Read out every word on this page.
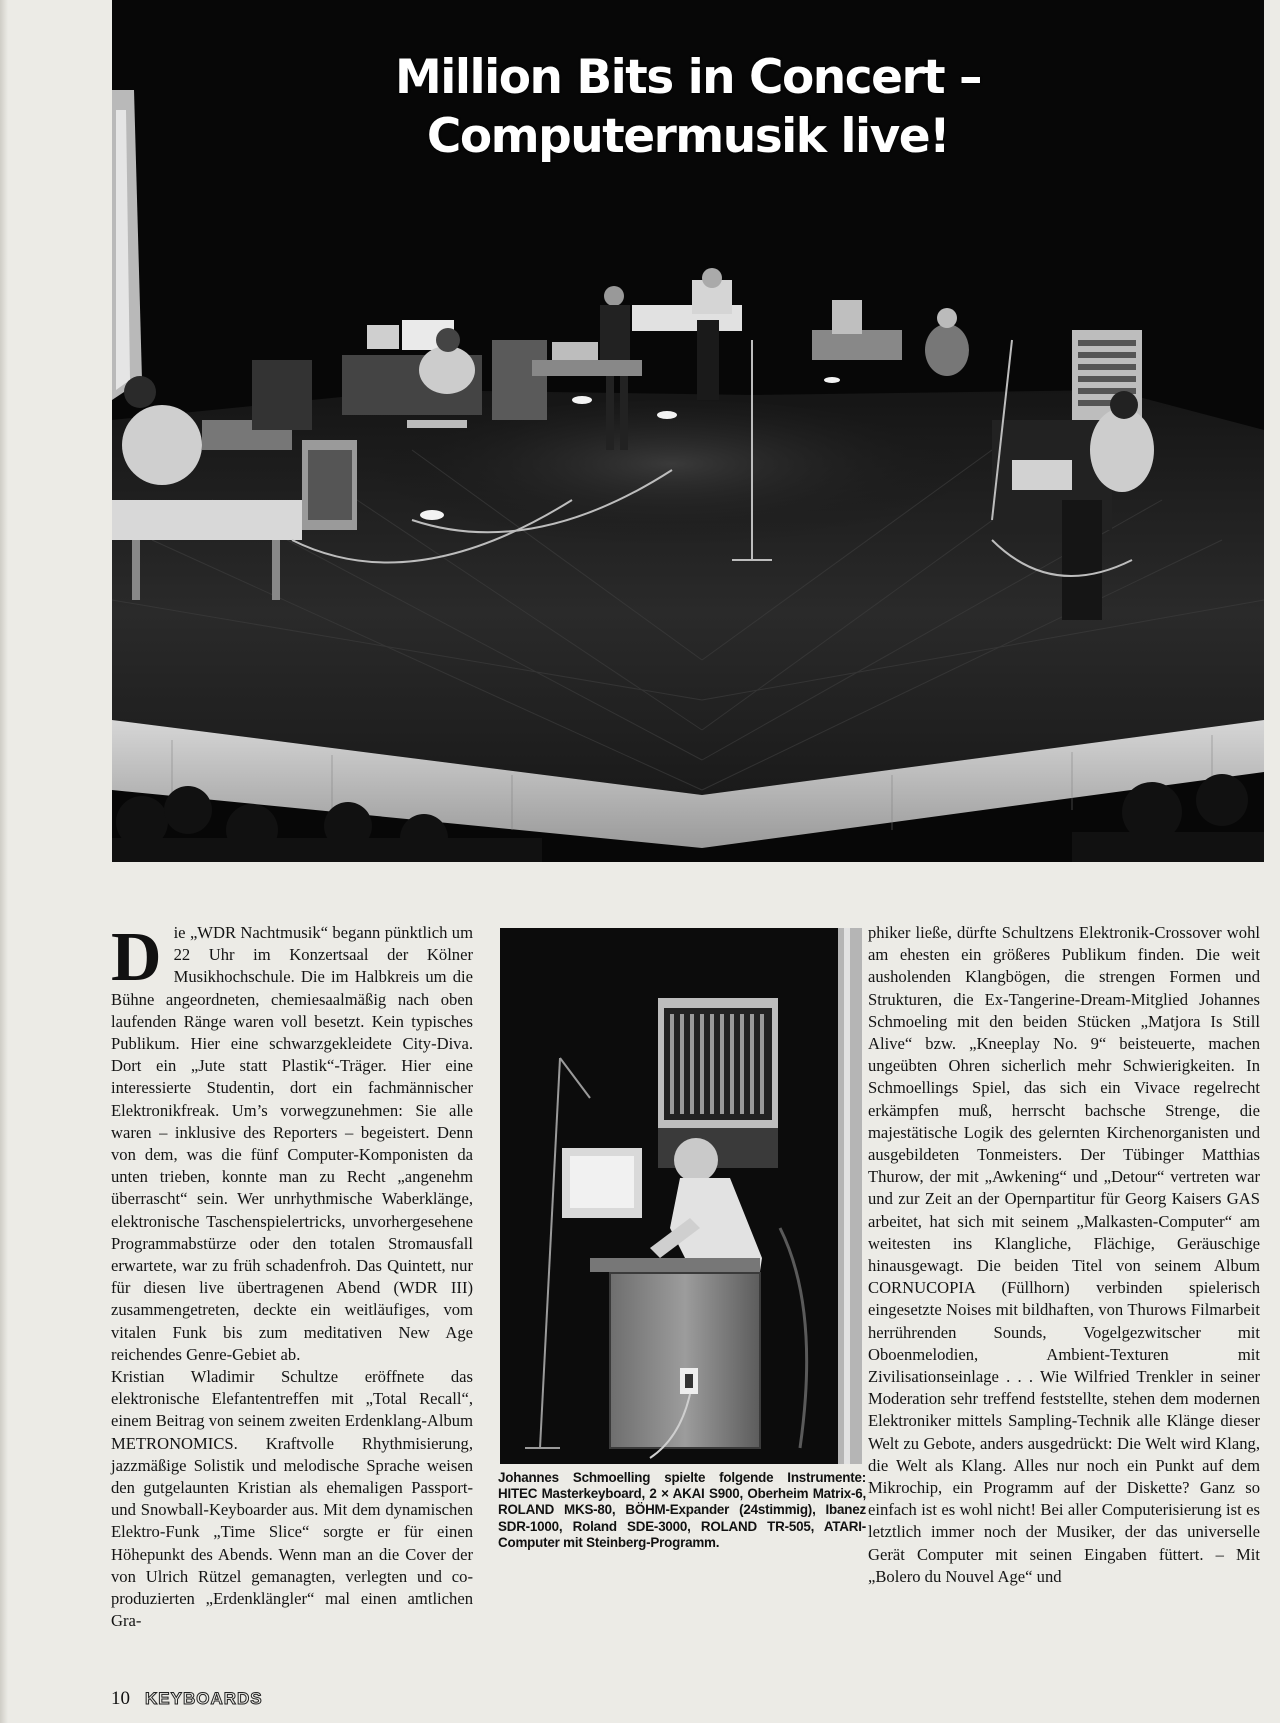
Million Bits in Concert –
Computermusik live!
D ie „WDR Nachtmusik“ begann pünktlich um 22 Uhr im Konzertsaal der Kölner Musikhochschule. Die im Halbkreis um die Bühne angeordneten, chemiesaalmäßig nach oben laufenden Ränge waren voll besetzt. Kein typisches Publikum. Hier eine schwarzgekleidete City-Diva. Dort ein „Jute statt Plastik“-Träger. Hier eine interessierte Studentin, dort ein fachmännischer Elektronikfreak. Um’s vorwegzunehmen: Sie alle waren – inklusive des Reporters – begeistert. Denn von dem, was die fünf Computer-Komponisten da unten trieben, konnte man zu Recht „angenehm überrascht“ sein. Wer unrhythmische Waberklänge, elektronische Taschenspielertricks, unvorhergesehene Programmabstürze oder den totalen Stromausfall erwartete, war zu früh schadenfroh. Das Quintett, nur für diesen live übertragenen Abend (WDR III) zusammengetreten, deckte ein weitläufiges, vom vitalen Funk bis zum meditativen New Age reichendes Genre-Gebiet ab.

Kristian Wladimir Schultze eröffnete das elektronische Elefantentreffen mit „Total Recall“, einem Beitrag von seinem zweiten Erdenklang-Album METRONOMICS. Kraftvolle Rhythmisierung, jazzmäßige Solistik und melodische Sprache weisen den gutgelaunten Kristian als ehemaligen Passport- und Snowball-Keyboarder aus. Mit dem dynamischen Elektro-Funk „Time Slice“ sorgte er für einen Höhepunkt des Abends. Wenn man an die Cover der von Ulrich Rützel gemanagten, verlegten und co-produzierten „Erdenklängler“ mal einen amtlichen Gra-

Johannes Schmoelling spielte folgende Instrumente: HITEC Masterkeyboard, 2 × AKAI S900, Oberheim Matrix-6, ROLAND MKS-80, BÖHM-Expander (24stimmig), Ibanez SDR-1000, Roland SDE-3000, ROLAND TR-505, ATARI-Computer mit Steinberg-Programm.

phiker ließe, dürfte Schultzens Elektronik-Crossover wohl am ehesten ein größeres Publikum finden. Die weit ausholenden Klangbögen, die strengen Formen und Strukturen, die Ex-Tangerine-Dream-Mitglied Johannes Schmoeling mit den beiden Stücken „Matjora Is Still Alive“ bzw. „Kneeplay No. 9“ beisteuerte, machen ungeübten Ohren sicherlich mehr Schwierigkeiten. In Schmoellings Spiel, das sich ein Vivace regelrecht erkämpfen muß, herrscht bachsche Strenge, die majestätische Logik des gelernten Kirchenorganisten und ausgebildeten Tonmeisters. Der Tübinger Matthias Thurow, der mit „Awkening“ und „Detour“ vertreten war und zur Zeit an der Opernpartitur für Georg Kaisers GAS arbeitet, hat sich mit seinem „Malkasten-Computer“ am weitesten ins Klangliche, Flächige, Geräuschige hinausgewagt. Die beiden Titel von seinem Album CORNUCOPIA (Füllhorn) verbinden spielerisch eingesetzte Noises mit bildhaften, von Thurows Filmarbeit herrührenden Sounds, Vogelgezwitscher mit Oboenmelodien, Ambient-Texturen mit Zivilisationseinlage . . . Wie Wilfried Trenkler in seiner Moderation sehr treffend feststellte, stehen dem modernen Elektroniker mittels Sampling-Technik alle Klänge dieser Welt zu Gebote, anders ausgedrückt: Die Welt wird Klang, die Welt als Klang. Alles nur noch ein Punkt auf dem Mikrochip, ein Programm auf der Diskette? Ganz so einfach ist es wohl nicht! Bei aller Computerisierung ist es letztlich immer noch der Musiker, der das universelle Gerät Computer mit seinen Eingaben füttert. – Mit „Bolero du Nouvel Age“ und

10 KEYBOARDS
